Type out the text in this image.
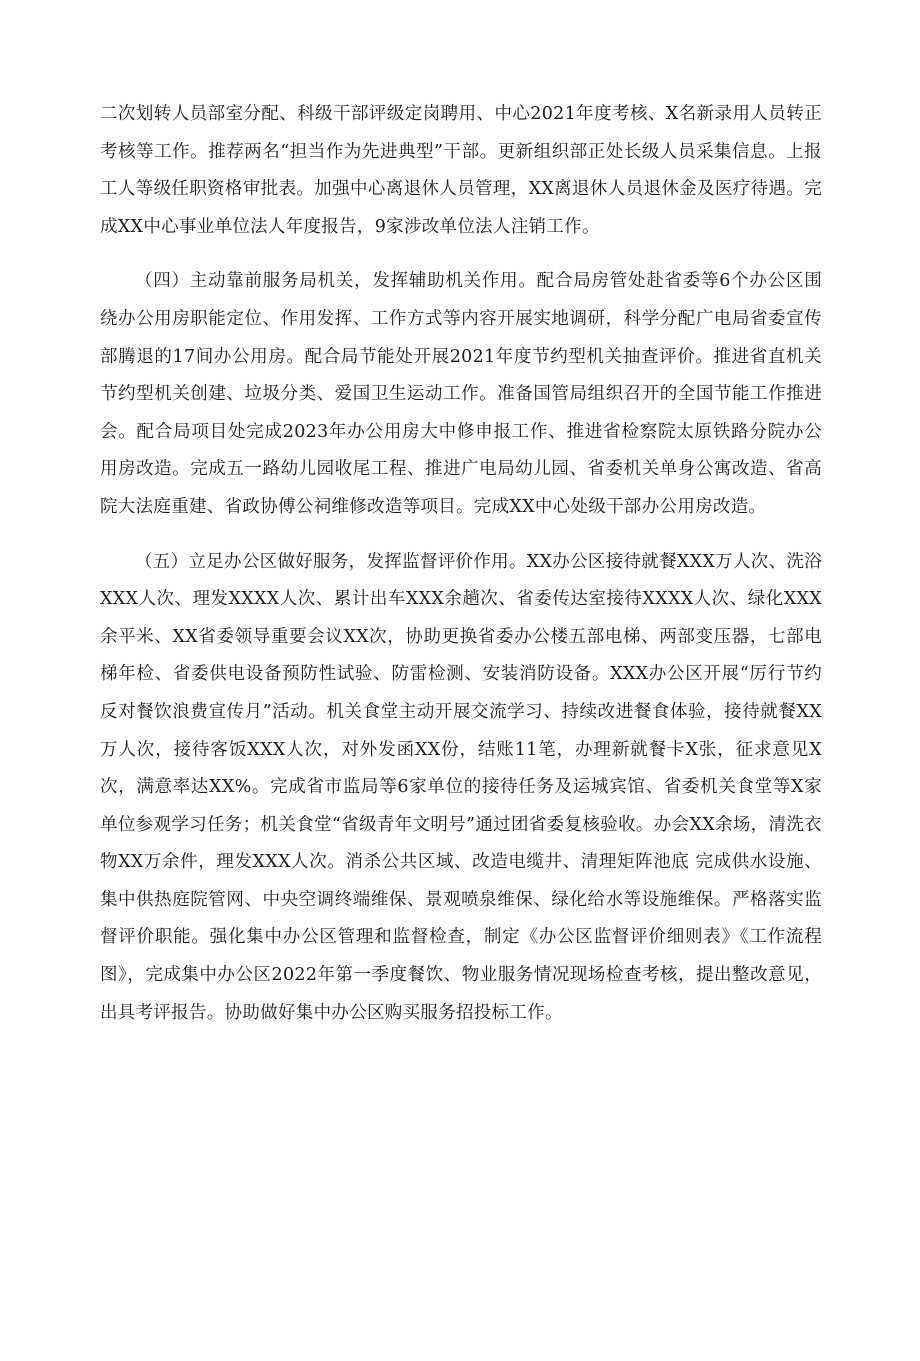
二次划转人员部室分配、科级干部评级定岗聘用、中心2021年度考核、X名新录用人员转正考核等工作。推荐两名“担当作为先进典型”干部。更新组织部正处长级人员采集信息。上报工人等级任职资格审批表。加强中心离退休人员管理，XX离退休人员退休金及医疗待遇。完成XX中心事业单位法人年度报告，9家涉改单位法人注销工作。

（四）主动靠前服务局机关，发挥辅助机关作用。配合局房管处赴省委等6个办公区围绕办公用房职能定位、作用发挥、工作方式等内容开展实地调研，科学分配广电局省委宣传部腾退的17间办公用房。配合局节能处开展2021年度节约型机关抽查评价。推进省直机关节约型机关创建、垃圾分类、爱国卫生运动工作。准备国管局组织召开的全国节能工作推进会。配合局项目处完成2023年办公用房大中修申报工作、推进省检察院太原铁路分院办公用房改造。完成五一路幼儿园收尾工程、推进广电局幼儿园、省委机关单身公寓改造、省高院大法庭重建、省政协傅公祠维修改造等项目。完成XX中心处级干部办公用房改造。

（五）立足办公区做好服务，发挥监督评价作用。XX办公区接待就餐XXX万人次、洗浴XXX人次、理发XXXX人次、累计出车XXX余趟次、省委传达室接待XXXX人次、绿化XXX余平米、XX省委领导重要会议XX次，协助更换省委办公楼五部电梯、两部变压器，七部电梯年检、省委供电设备预防性试验、防雷检测、安装消防设备。XXX办公区开展“厉行节约反对餐饮浪费宣传月”活动。机关食堂主动开展交流学习、持续改进餐食体验，接待就餐XX万人次，接待客饭XXX人次，对外发函XX份，结账11笔，办理新就餐卡X张，征求意见X次，满意率达XX%。完成省市监局等6家单位的接待任务及运城宾馆、省委机关食堂等X家单位参观学习任务；机关食堂“省级青年文明号”通过团省委复核验收。办会XX余场，清洗衣物XX万余件，理发XXX人次。消杀公共区域、改造电缆井、清理矩阵池底 完成供水设施、集中供热庭院管网、中央空调终端维保、景观喷泉维保、绿化给水等设施维保。严格落实监督评价职能。强化集中办公区管理和监督检查，制定《办公区监督评价细则表》《工作流程图》，完成集中办公区2022年第一季度餐饮、物业服务情况现场检查考核，提出整改意见，出具考评报告。协助做好集中办公区购买服务招投标工作。
